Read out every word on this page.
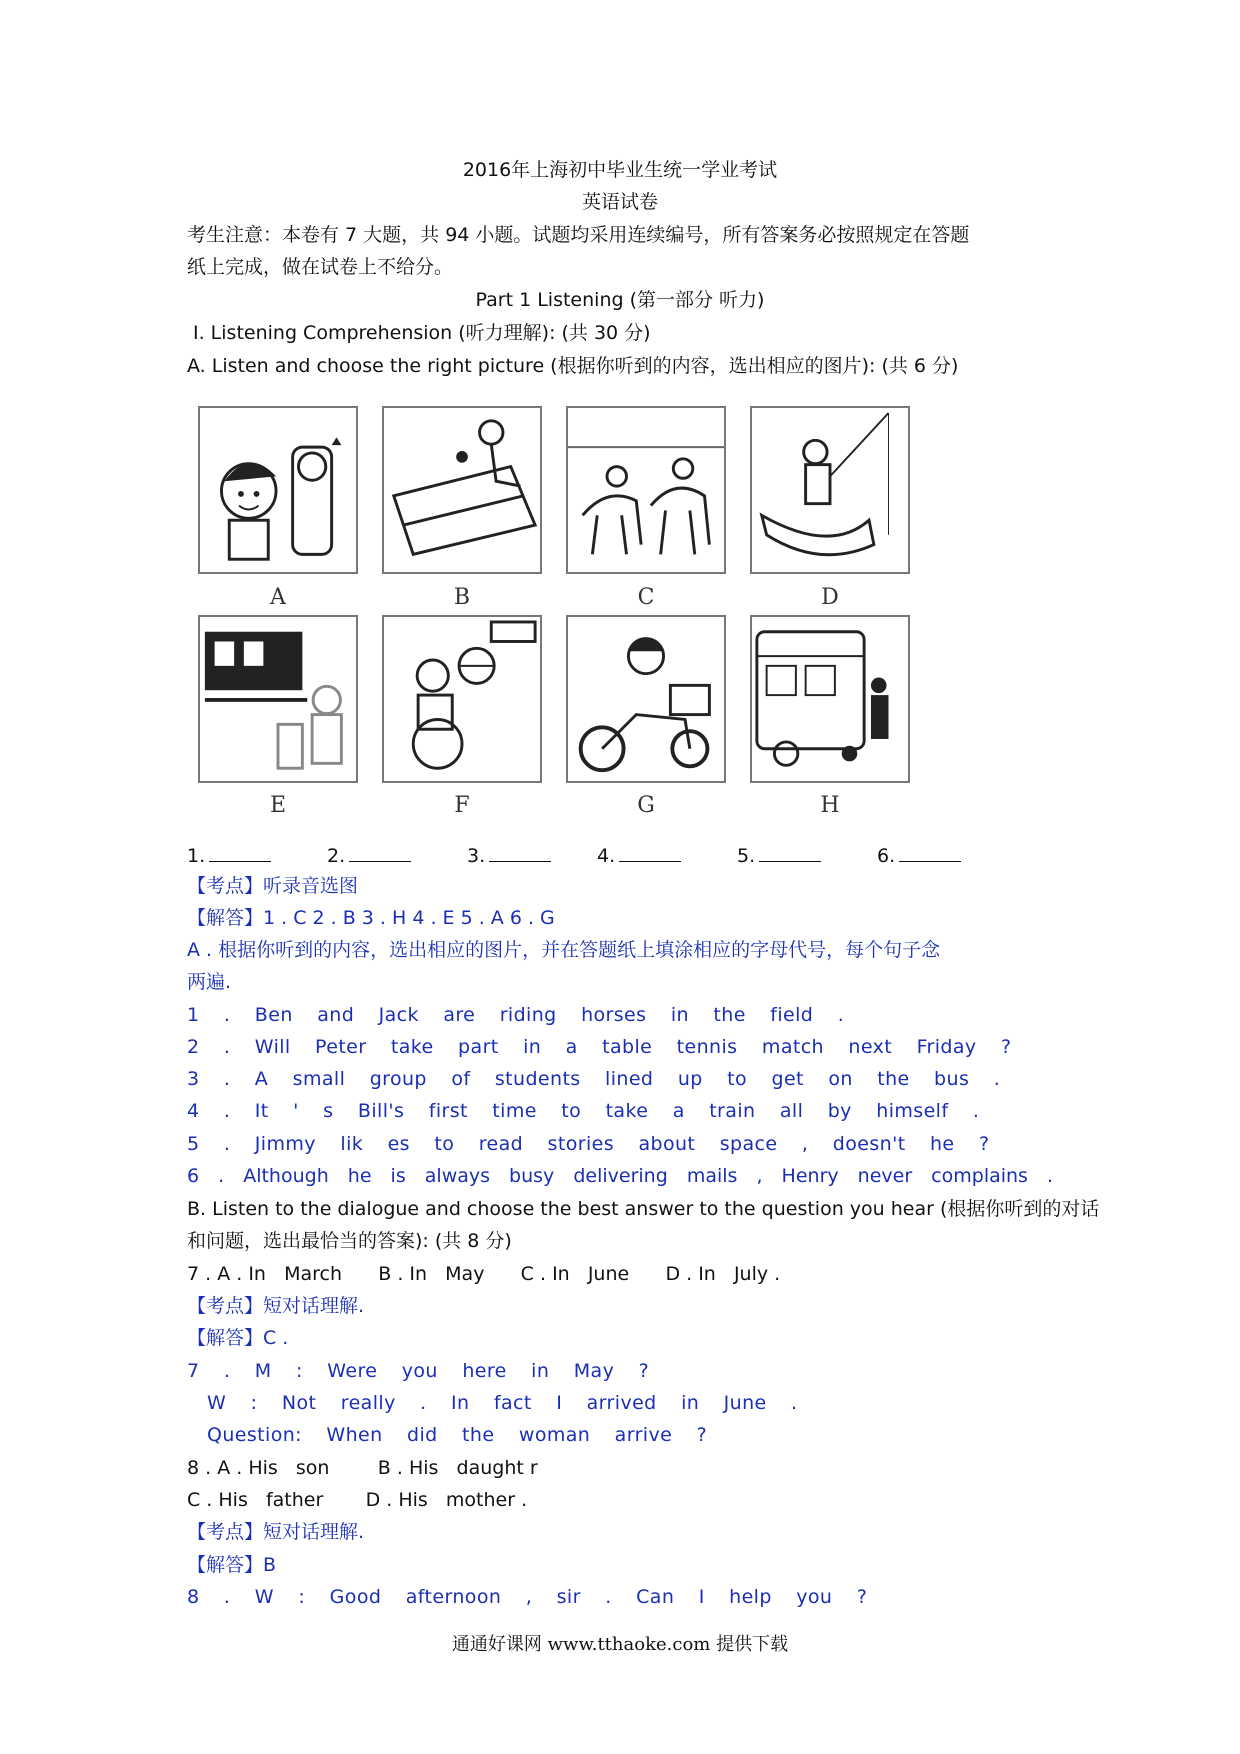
2016年上海初中毕业生统一学业考试
英语试卷
考生注意：本卷有 7 大题，共 94 小题。试题均采用连续编号，所有答案务必按照规定在答题
纸上完成，做在试卷上不给分。
Part 1 Listening (第一部分 听力)
I. Listening Comprehension (听力理解): (共 30 分)
A. Listen and choose the right picture (根据你听到的内容，选出相应的图片): (共 6 分)
A	B	C	D
E	F	G	H
1.	2.	3.	4.	5.	6.
【考点】听录音选图
【解答】1 . C 2 . B 3 . H 4 . E 5 . A 6 . G
A . 根据你听到的内容，选出相应的图片，并在答题纸上填涂相应的字母代号，每个句子念
两遍.
1 . Ben and Jack are riding horses in the field .
2 . Will Peter take part in a table tennis match next Friday ?
3 . A small group of students lined up to get on the bus .
4 . It ' s Bill's first time to take a train all by himself .
5 . Jimmy lik es to read stories about space , doesn't he ?
6 . Although he is always busy delivering mails , Henry never complains .
B. Listen to the dialogue and choose the best answer to the question you hear (根据你听到的对话
和问题，选出最恰当的答案): (共 8 分)
7 . A . In   March      B . In   May      C . In   June      D . In   July .
【考点】短对话理解.
【解答】C .
7 . M : Were you here in May ?
W : Not really . In fact I arrived in June .
Question: When did the woman arrive ?
8 . A . His   son        B . His   daught r
C . His   father       D . His   mother .
【考点】短对话理解.
【解答】B
8 . W : Good afternoon , sir . Can I help you ?
通通好课网 www.tthaoke.com 提供下载
